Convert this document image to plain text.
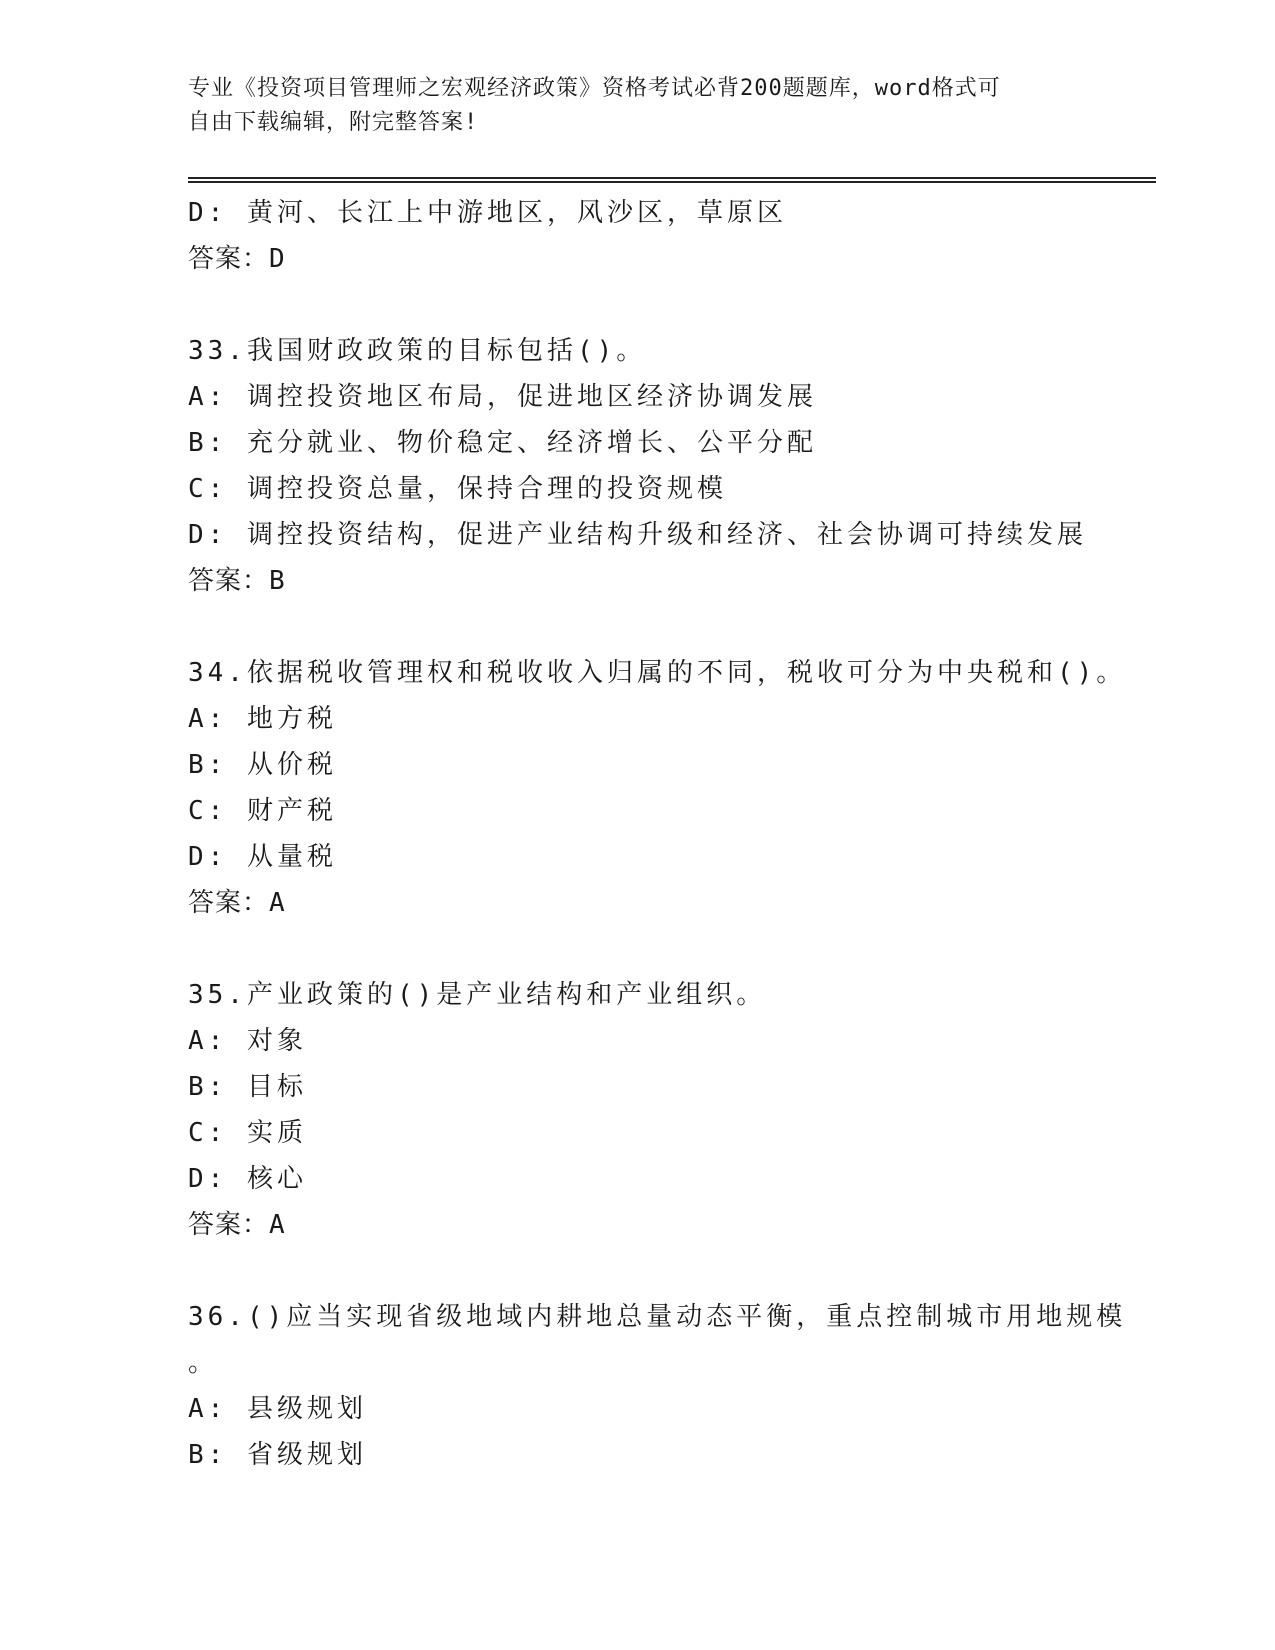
专业《投资项目管理师之宏观经济政策》资格考试必背200题题库，word格式可
自由下载编辑，附完整答案!
D: 黄河、长江上中游地区，风沙区，草原区
答案：D
33.我国财政政策的目标包括()。
A: 调控投资地区布局，促进地区经济协调发展
B: 充分就业、物价稳定、经济增长、公平分配
C: 调控投资总量，保持合理的投资规模
D: 调控投资结构，促进产业结构升级和经济、社会协调可持续发展
答案：B
34.依据税收管理权和税收收入归属的不同，税收可分为中央税和()。
A: 地方税
B: 从价税
C: 财产税
D: 从量税
答案：A
35.产业政策的()是产业结构和产业组织。
A: 对象
B: 目标
C: 实质
D: 核心
答案：A
36.()应当实现省级地域内耕地总量动态平衡，重点控制城市用地规模
。
A: 县级规划
B: 省级规划
